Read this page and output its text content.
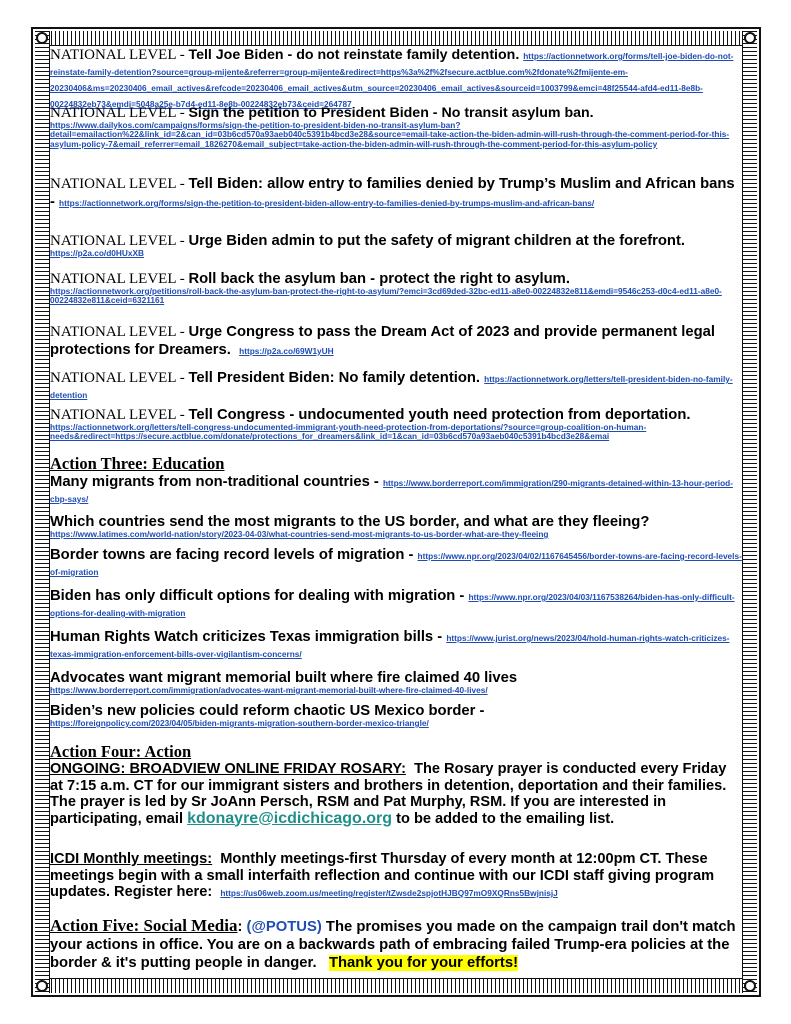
NATIONAL LEVEL - Tell Joe Biden - do not reinstate family detention. https://actionnetwork.org/forms/tell-joe-biden-do-not-reinstate-family-detention?source=group-mijente&referrer=group-mijente&redirect=https%3a%2f%2fsecure.actblue.com%2fdonate%2fmijente-em-20230406&ms=20230406_email_actives&refcode=20230406_email_actives&utm_source=20230406_email_actives&sourceid=1003799&emci=48f25544-afd4-ed11-8e8b-00224832eb73&emdi=5048a25e-b7d4-ed11-8e8b-00224832eb73&ceid=264787

NATIONAL LEVEL - Sign the petition to President Biden - No transit asylum ban.
https://www.dailykos.com/campaigns/forms/sign-the-petition-to-president-biden-no-transit-asylum-ban?detail=emailaction%22&link_id=2&can_id=03b6cd570a93aeb040c5391b4bcd3e28&source=email-take-action-the-biden-admin-will-rush-through-the-comment-period-for-this-asylum-policy-7&email_referrer=email_1826270&email_subject=take-action-the-biden-admin-will-rush-through-the-comment-period-for-this-asylum-policy

NATIONAL LEVEL - Tell Biden: allow entry to families denied by Trump’s Muslim and African bans - https://actionnetwork.org/forms/sign-the-petition-to-president-biden-allow-entry-to-families-denied-by-trumps-muslim-and-african-bans/

NATIONAL LEVEL - Urge Biden admin to put the safety of migrant children at the forefront.
https://p2a.co/d0HUxXB

NATIONAL LEVEL - Roll back the asylum ban - protect the right to asylum.
https://actionnetwork.org/petitions/roll-back-the-asylum-ban-protect-the-right-to-asylum/?emci=3cd69ded-32bc-ed11-a8e0-00224832e811&emdi=9546c253-d0c4-ed11-a8e0-00224832e811&ceid=6321161

NATIONAL LEVEL - Urge Congress to pass the Dream Act of 2023 and provide permanent legal protections for Dreamers. https://p2a.co/69W1yUH

NATIONAL LEVEL - Tell President Biden: No family detention. https://actionnetwork.org/letters/tell-president-biden-no-family-detention

NATIONAL LEVEL - Tell Congress - undocumented youth need protection from deportation.
https://actionnetwork.org/letters/tell-congress-undocumented-immigrant-youth-need-protection-from-deportations/?source=group-coalition-on-human-needs&redirect=https://secure.actblue.com/donate/protections_for_dreamers&link_id=1&can_id=03b6cd570a93aeb040c5391b4bcd3e28&emai

Action Three: Education

Many migrants from non-traditional countries - https://www.borderreport.com/immigration/290-migrants-detained-within-13-hour-period-cbp-says/

Which countries send the most migrants to the US border, and what are they fleeing?
https://www.latimes.com/world-nation/story/2023-04-03/what-countries-send-most-migrants-to-us-border-what-are-they-fleeing

Border towns are facing record levels of migration - https://www.npr.org/2023/04/02/1167645456/border-towns-are-facing-record-levels-of-migration

Biden has only difficult options for dealing with migration - https://www.npr.org/2023/04/03/1167538264/biden-has-only-difficult-options-for-dealing-with-migration

Human Rights Watch criticizes Texas immigration bills - https://www.jurist.org/news/2023/04/hold-human-rights-watch-criticizes-texas-immigration-enforcement-bills-over-vigilantism-concerns/

Advocates want migrant memorial built where fire claimed 40 lives
https://www.borderreport.com/immigration/advocates-want-migrant-memorial-built-where-fire-claimed-40-lives/

Biden’s new policies could reform chaotic US Mexico border -
https://foreignpolicy.com/2023/04/05/biden-migrants-migration-southern-border-mexico-triangle/

Action Four: Action

ONGOING: BROADVIEW ONLINE FRIDAY ROSARY: The Rosary prayer is conducted every Friday at 7:15 a.m. CT for our immigrant sisters and brothers in detention, deportation and their families. The prayer is led by Sr JoAnn Persch, RSM and Pat Murphy, RSM. If you are interested in participating, email kdonayre@icdichicago.org to be added to the emailing list.

ICDI Monthly meetings: Monthly meetings-first Thursday of every month at 12:00pm CT. These meetings begin with a small interfaith reflection and continue with our ICDI staff giving program updates. Register here: https://us06web.zoom.us/meeting/register/tZwsde2spjotHJBQ97mO9XQRns5BwjnisjJ

Action Five: Social Media: (@POTUS) The promises you made on the campaign trail don't match your actions in office. You are on a backwards path of embracing failed Trump-era policies at the border & it's putting people in danger. Thank you for your efforts!
